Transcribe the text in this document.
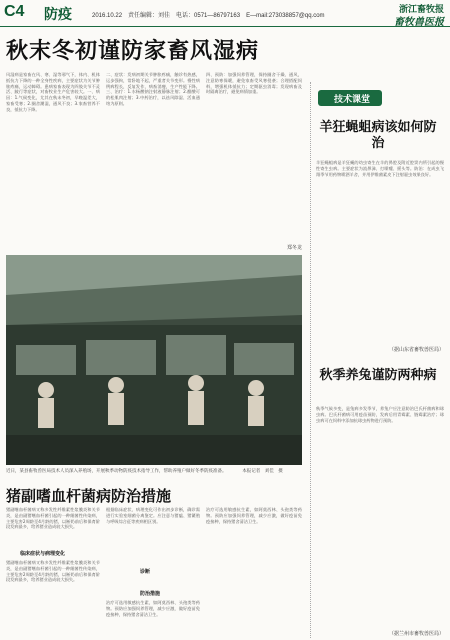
C4 防疫	2016.10.22　责任编辑：刘佳　电话：0571—86797163　E—mail:273038857@qq.com
浙江畜牧报
畜牧兽医报
秋末冬初谨防家畜风湿病
风湿病是家畜在风、寒、湿等邪气下，体内、机体抵抗力下降的一种全身性疾病，主要症状为关节肿胀疼痛，运动障碍。患病家畜表现为四肢关节不灵活、跛行等症状，对畜牧业生产危害较大。一、病因：1.气候变化，尤其在秋末冬初，早晚温差大，家畜受寒；2.圈舍潮湿，通风不良；3.家畜营养不良，抵抗力下降。
二、症状：发病初期关节肿胀疼痛，触诊有热感，运步强拘，常卧地不起，严重者关节变形。慢性病例病程长，反复发作，病畜消瘦，生产性能下降。三、治疗：1.水杨酸钠注射液静脉注射；2.醋酸可的松肌肉注射；3.中药治疗，以祛风除湿、活血通络为原则。
四、预防：加强饲养管理，保持圈舍干燥、通风，注意防寒保暖，避免家畜受风寒侵袭；合理搭配饲料，增强机体抵抗力；定期驱虫消毒；发现病畜及时隔离治疗，避免病情加重。
郑冬龙
近日，某县畜牧兽医局技术人员深入养殖场，开展秋季动物防疫技术指导工作，帮助养殖户做好冬季防疫准备。　　　　本报记者　刘佳　摄
猪副嗜血杆菌病防治措施
猪副嗜血杆菌病又称多发性纤维素性浆膜炎和关节炎，是由副猪嗜血杆菌引起的一种细菌性传染病，主要危害2周龄至4月龄的猪，以断奶前后和保育阶段发病最多，给养猪业造成较大损失。
临床症状与病理变化
猪副嗜血杆菌病又称多发性纤维素性浆膜炎和关节炎，是由副猪嗜血杆菌引起的一种细菌性传染病，主要危害2周龄至4月龄的猪，以断奶前后和保育阶段发病最多，给养猪业造成较大损失。
根据临床症状、病理变化可作出初步诊断，确诊需进行实验室细菌分离鉴定。应注意与猪瘟、猪繁殖与呼吸综合征等疾病相区别。
诊断
防治措施
治疗可选用敏感抗生素，如阿莫西林、头孢类等药物。预防应加强饲养管理，减少应激，做好疫苗免疫接种，保持猪舍清洁卫生。
治疗可选用敏感抗生素，如阿莫西林、头孢类等药物。预防应加强饲养管理，减少应激，做好疫苗免疫接种，保持猪舍清洁卫生。
技术课堂
羊狂蝇蛆病该如何防治
羊狂蝇蛆病是羊狂蝇的幼虫寄生在羊的鼻腔及附近腔窦内所引起的慢性寄生虫病。主要症状为流鼻涕、打喷嚏、摇头等。防治：在成虫飞翔季节用药物喷洒羊舍，并用伊维菌素皮下注射驱虫效果良好。
（据山东省畜牧兽医局）
秋季养兔谨防两种病
秋季气候多变，是兔病多发季节，养兔户应注意防治巴氏杆菌病和球虫病。巴氏杆菌病可用疫苗预防，发病后用青霉素、链霉素治疗；球虫病可在饲料中添加抗球虫药物进行预防。
（据兰州市畜牧兽医局）
